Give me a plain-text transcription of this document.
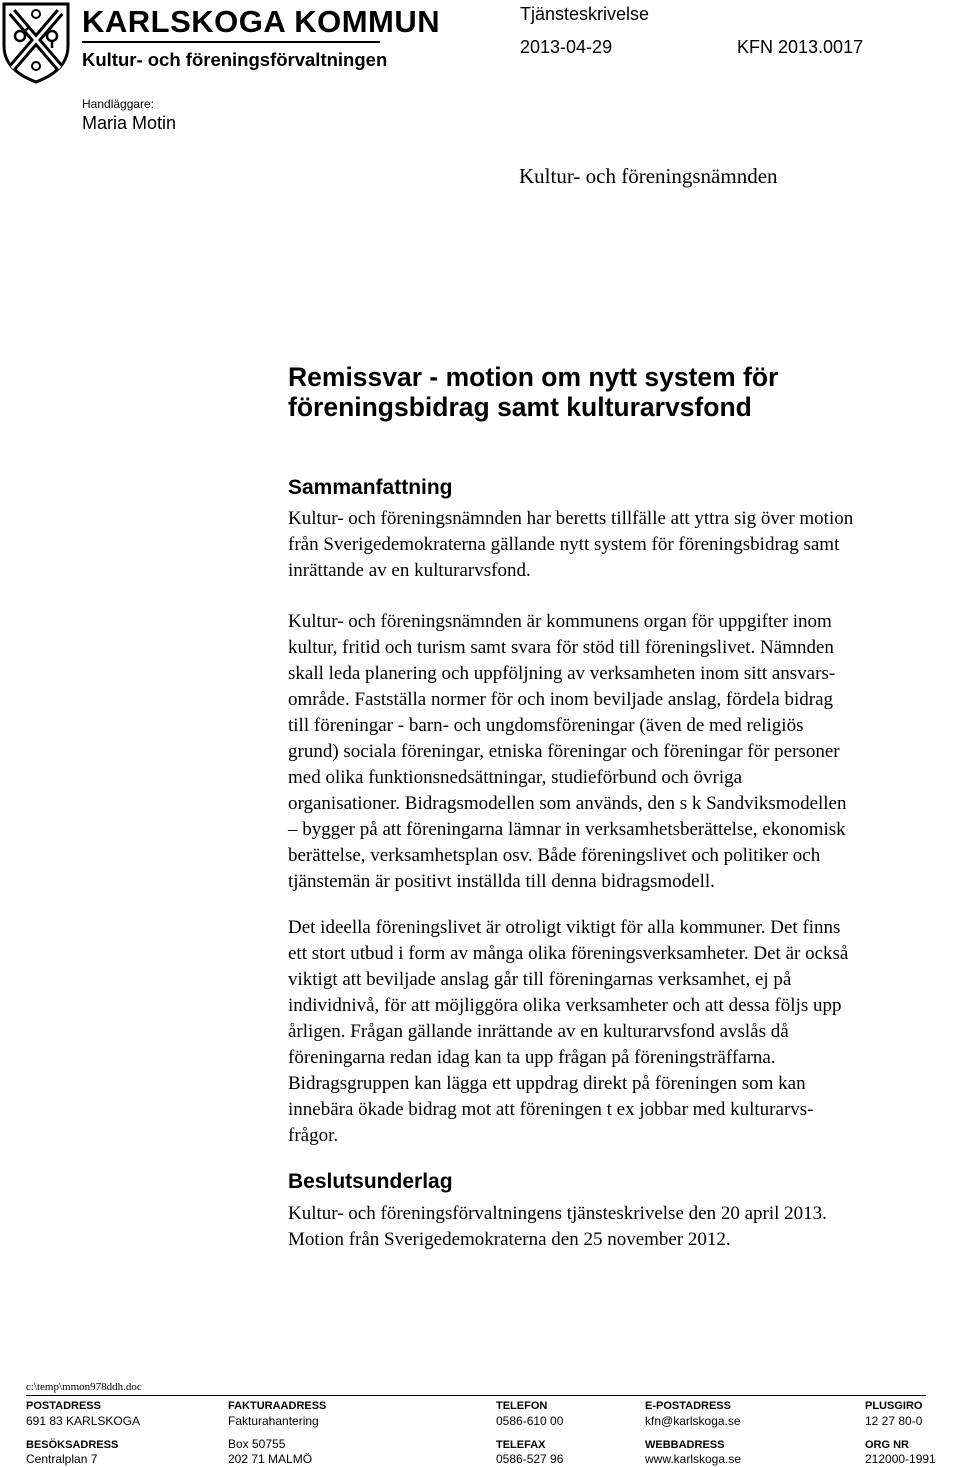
KARLSKOGA KOMMUN
Kultur- och föreningsförvaltningen
Tjänsteskrivelse
2013-04-29	KFN 2013.0017
Handläggare:
Maria Motin
Kultur- och föreningsnämnden
Remissvar - motion om nytt system för
föreningsbidrag samt kulturarvsfond
Sammanfattning
Kultur- och föreningsnämnden har beretts tillfälle att yttra sig över motion
från Sverigedemokraterna gällande nytt system för föreningsbidrag samt
inrättande av en kulturarvsfond.
Kultur- och föreningsnämnden är kommunens organ för uppgifter inom
kultur, fritid och turism samt svara för stöd till föreningslivet. Nämnden
skall leda planering och uppföljning av verksamheten inom sitt ansvars-
område. Fastställa normer för och inom beviljade anslag, fördela bidrag
till föreningar - barn- och ungdomsföreningar (även de med religiös
grund) sociala föreningar, etniska föreningar och föreningar för personer
med olika funktionsnedsättningar, studieförbund och övriga
organisationer. Bidragsmodellen som används, den s k Sandviksmodellen
– bygger på att föreningarna lämnar in verksamhetsberättelse, ekonomisk
berättelse, verksamhetsplan osv. Både föreningslivet och politiker och
tjänstemän är positivt inställda till denna bidragsmodell.
Det ideella föreningslivet är otroligt viktigt för alla kommuner. Det finns
ett stort utbud i form av många olika föreningsverksamheter. Det är också
viktigt att beviljade anslag går till föreningarnas verksamhet, ej på
individnivå, för att möjliggöra olika verksamheter och att dessa följs upp
årligen. Frågan gällande inrättande av en kulturarvsfond avslås då
föreningarna redan idag kan ta upp frågan på föreningsträffarna.
Bidragsgruppen kan lägga ett uppdrag direkt på föreningen som kan
innebära ökade bidrag mot att föreningen t ex jobbar med kulturarvs-
frågor.
Beslutsunderlag
Kultur- och föreningsförvaltningens tjänsteskrivelse den 20 april 2013.
Motion från Sverigedemokraterna den 25 november 2012.
c:\temp\mmon978ddh.doc
POSTADRESS
691 83 KARLSKOGA
BESÖKSADRESS
Centralplan 7
FAKTURAADRESS
Fakturahantering
Box 50755
202 71 MALMÖ
TELEFON
0586-610 00
TELEFAX
0586-527 96
E-POSTADRESS
kfn@karlskoga.se
WEBBADRESS
www.karlskoga.se
PLUSGIRO
12 27 80-0
ORG NR
212000-1991
